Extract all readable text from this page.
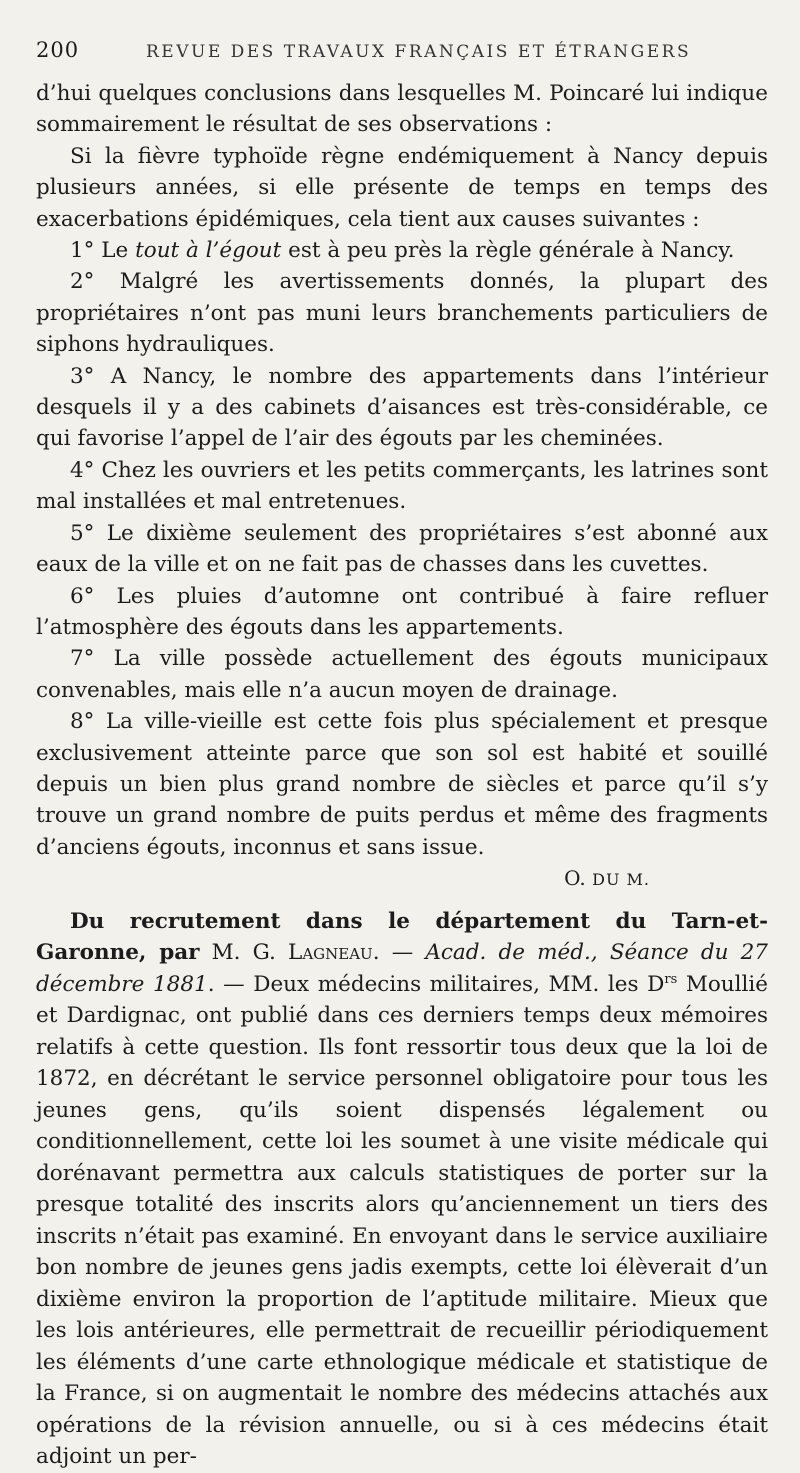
200	REVUE DES TRAVAUX FRANÇAIS ET ÉTRANGERS

d’hui quelques conclusions dans lesquelles M. Poincaré lui indique sommairement le résultat de ses observations :

Si la fièvre typhoïde règne endémiquement à Nancy depuis plusieurs années, si elle présente de temps en temps des exacerbations épidémiques, cela tient aux causes suivantes :

1° Le tout à l’égout est à peu près la règle générale à Nancy.

2° Malgré les avertissements donnés, la plupart des propriétaires n’ont pas muni leurs branchements particuliers de siphons hydrauliques.

3° A Nancy, le nombre des appartements dans l’intérieur desquels il y a des cabinets d’aisances est très-considérable, ce qui favorise l’appel de l’air des égouts par les cheminées.

4° Chez les ouvriers et les petits commerçants, les latrines sont mal installées et mal entretenues.

5° Le dixième seulement des propriétaires s’est abonné aux eaux de la ville et on ne fait pas de chasses dans les cuvettes.

6° Les pluies d’automne ont contribué à faire refluer l’atmosphère des égouts dans les appartements.

7° La ville possède actuellement des égouts municipaux convenables, mais elle n’a aucun moyen de drainage.

8° La ville-vieille est cette fois plus spécialement et presque exclusivement atteinte parce que son sol est habité et souillé depuis un bien plus grand nombre de siècles et parce qu’il s’y trouve un grand nombre de puits perdus et même des fragments d’anciens égouts, inconnus et sans issue.

O. DU M.

Du recrutement dans le département du Tarn-et-Garonne, par M. G. Lagneau. — Acad. de méd., Séance du 27 décembre 1881. — Deux médecins militaires, MM. les $D^{rs}$ Moullié et Dardignac, ont publié dans ces derniers temps deux mémoires relatifs à cette question. Ils font ressortir tous deux que la loi de 1872, en décrétant le service personnel obligatoire pour tous les jeunes gens, qu’ils soient dispensés légalement ou conditionnellement, cette loi les soumet à une visite médicale qui dorénavant permettra aux calculs statistiques de porter sur la presque totalité des inscrits alors qu’anciennement un tiers des inscrits n’était pas examiné. En envoyant dans le service auxiliaire bon nombre de jeunes gens jadis exempts, cette loi élèverait d’un dixième environ la proportion de l’aptitude militaire. Mieux que les lois antérieures, elle permettrait de recueillir périodiquement les éléments d’une carte ethnologique médicale et statistique de la France, si on augmentait le nombre des médecins attachés aux opérations de la révision annuelle, ou si à ces médecins était adjoint un per-
